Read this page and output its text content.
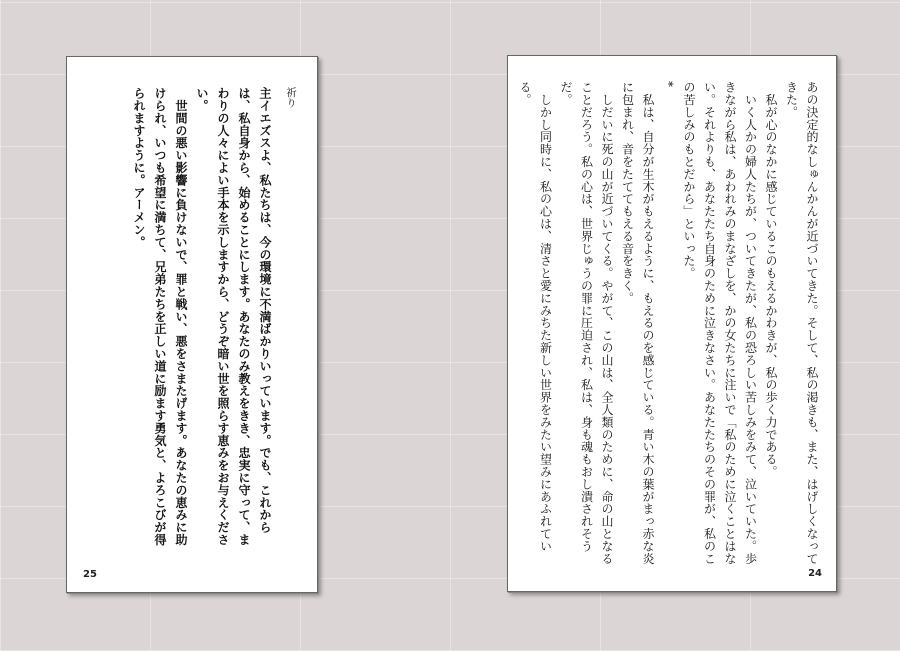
祈り
主イエズスよ、私たちは、今の環境に不満ばかりいっています。でも、これからは、私自身から、始めることにします。あなたのみ教えをきき、忠実に守って、まわりの人々によい手本を示しますから、どうぞ暗い世を照らす恵みをお与えください。
　世間の悪い影響に負けないで、罪と戦い、悪をさまたげます。あなたの恵みに助けられ、いつも希望に満ちて、兄弟たちを正しい道に励ます勇気と、よろこびが得られますように。アーメン。
25
あの決定的なしゅんかんが近づいてきた。そして、私の渇きも、また、はげしくなってきた。
　私が心のなかに感じているこのもえるかわきが、私の歩く力である。
　いく人かの婦人たちが、ついてきたが、私の恐ろしい苦しみをみて、泣いていた。歩きながら私は、あわれみのまなざしを、かの女たちに注いで「私のために泣くことはない。それよりも、あなたたち自身のために泣きなさい。あなたたちのその罪が、私のこの苦しみのもとだから」といった。
*
　私は、自分が生木がもえるように、もえるのを感じている。青い木の葉がまっ赤な炎に包まれ、音をたててもえる音をきく。
　しだいに死の山が近づいてくる。やがて、この山は、全人類のために、命の山となることだろう。私の心は、世界じゅうの罪に圧迫され、私は、身も魂もおし潰されそうだ。
　しかし同時に、私の心は、清さと愛にみちた新しい世界をみたい望みにあふれている。
24
